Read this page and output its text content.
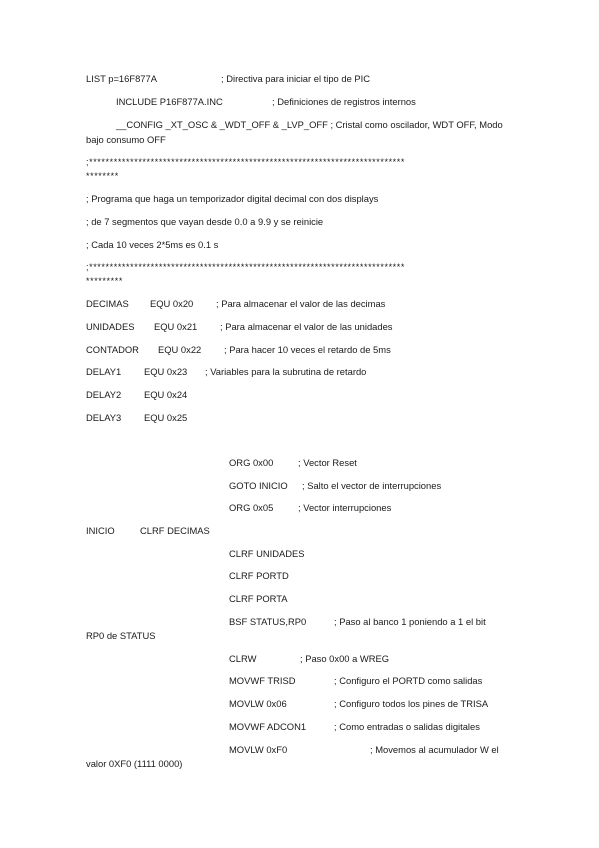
LIST p=16F877A	; Directiva para iniciar el tipo de PIC
INCLUDE P16F877A.INC	; Definiciones de registros internos
__CONFIG _XT_OSC & _WDT_OFF & _LVP_OFF ; Cristal como oscilador, WDT OFF, Modo
bajo consumo OFF
;*****************************************************************************
********
; Programa que haga un temporizador digital decimal con dos displays
; de 7 segmentos que vayan desde 0.0 a 9.9 y se reinicie
; Cada 10 veces 2*5ms es 0.1 s
;*****************************************************************************
*********
DECIMAS EQU 0x20 ; Para almacenar el valor de las decimas
UNIDADES EQU 0x21 ; Para almacenar el valor de las unidades
CONTADOR EQU 0x22 ; Para hacer 10 veces el retardo de 5ms
DELAY1 EQU 0x23 ; Variables para la subrutina de retardo
DELAY2 EQU 0x24
DELAY3 EQU 0x25
ORG 0x00	; Vector Reset
GOTO INICIO ; Salto el vector de interrupciones
ORG 0x05	; Vector interrupciones
INICIO	CLRF DECIMAS
CLRF UNIDADES
CLRF PORTD
CLRF PORTA
BSF STATUS,RP0	; Paso al banco 1 poniendo a 1 el bit
RP0 de STATUS
CLRW	; Paso 0x00 a WREG
MOVWF TRISD	; Configuro el PORTD como salidas
MOVLW 0x06	; Configuro todos los pines de TRISA
MOVWF ADCON1	; Como entradas o salidas digitales
MOVLW 0xF0	; Movemos al acumulador W el
valor 0XF0 (1111 0000)
